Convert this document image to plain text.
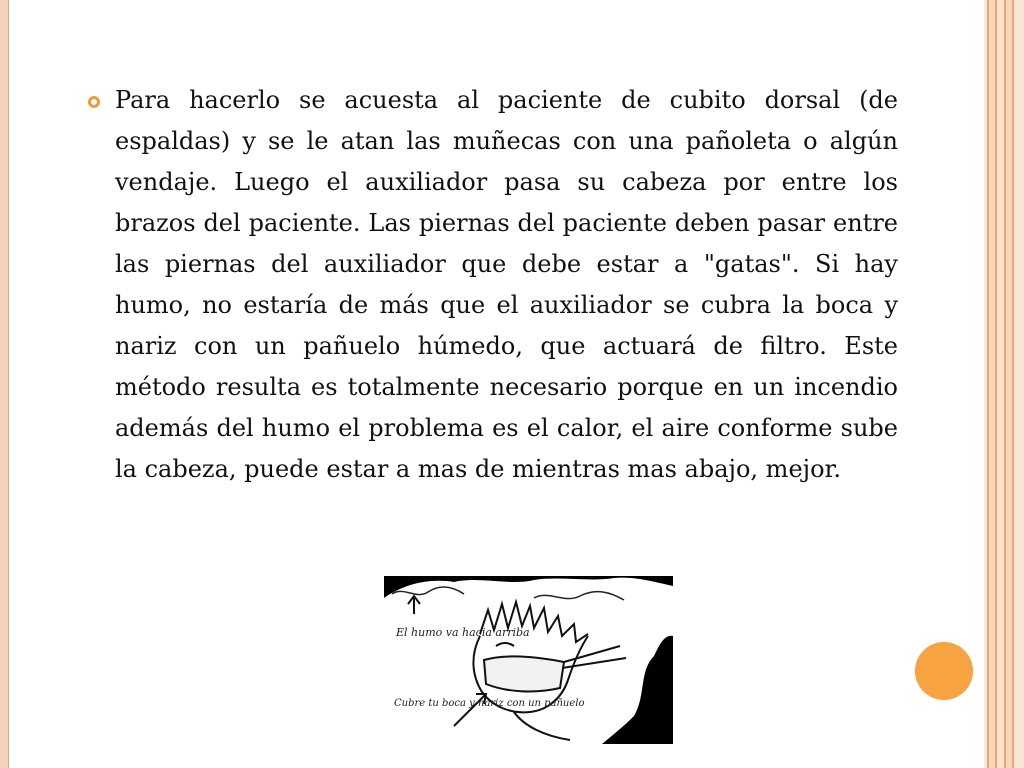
Para hacerlo se acuesta al paciente de cubito dorsal (de espaldas) y se le atan las muñecas con una pañoleta o algún vendaje. Luego el auxiliador pasa su cabeza por entre los brazos del paciente. Las piernas del paciente deben pasar entre las piernas del auxiliador que debe estar a "gatas". Si hay humo, no estaría de más que el auxiliador se cubra la boca y nariz con un pañuelo húmedo, que actuará de filtro. Este método resulta es totalmente necesario porque en un incendio además del humo el problema es el calor, el aire conforme sube la cabeza, puede estar a mas de mientras mas abajo, mejor.

El humo va hacia arriba
Cubre tu boca y nariz con un pañuelo
